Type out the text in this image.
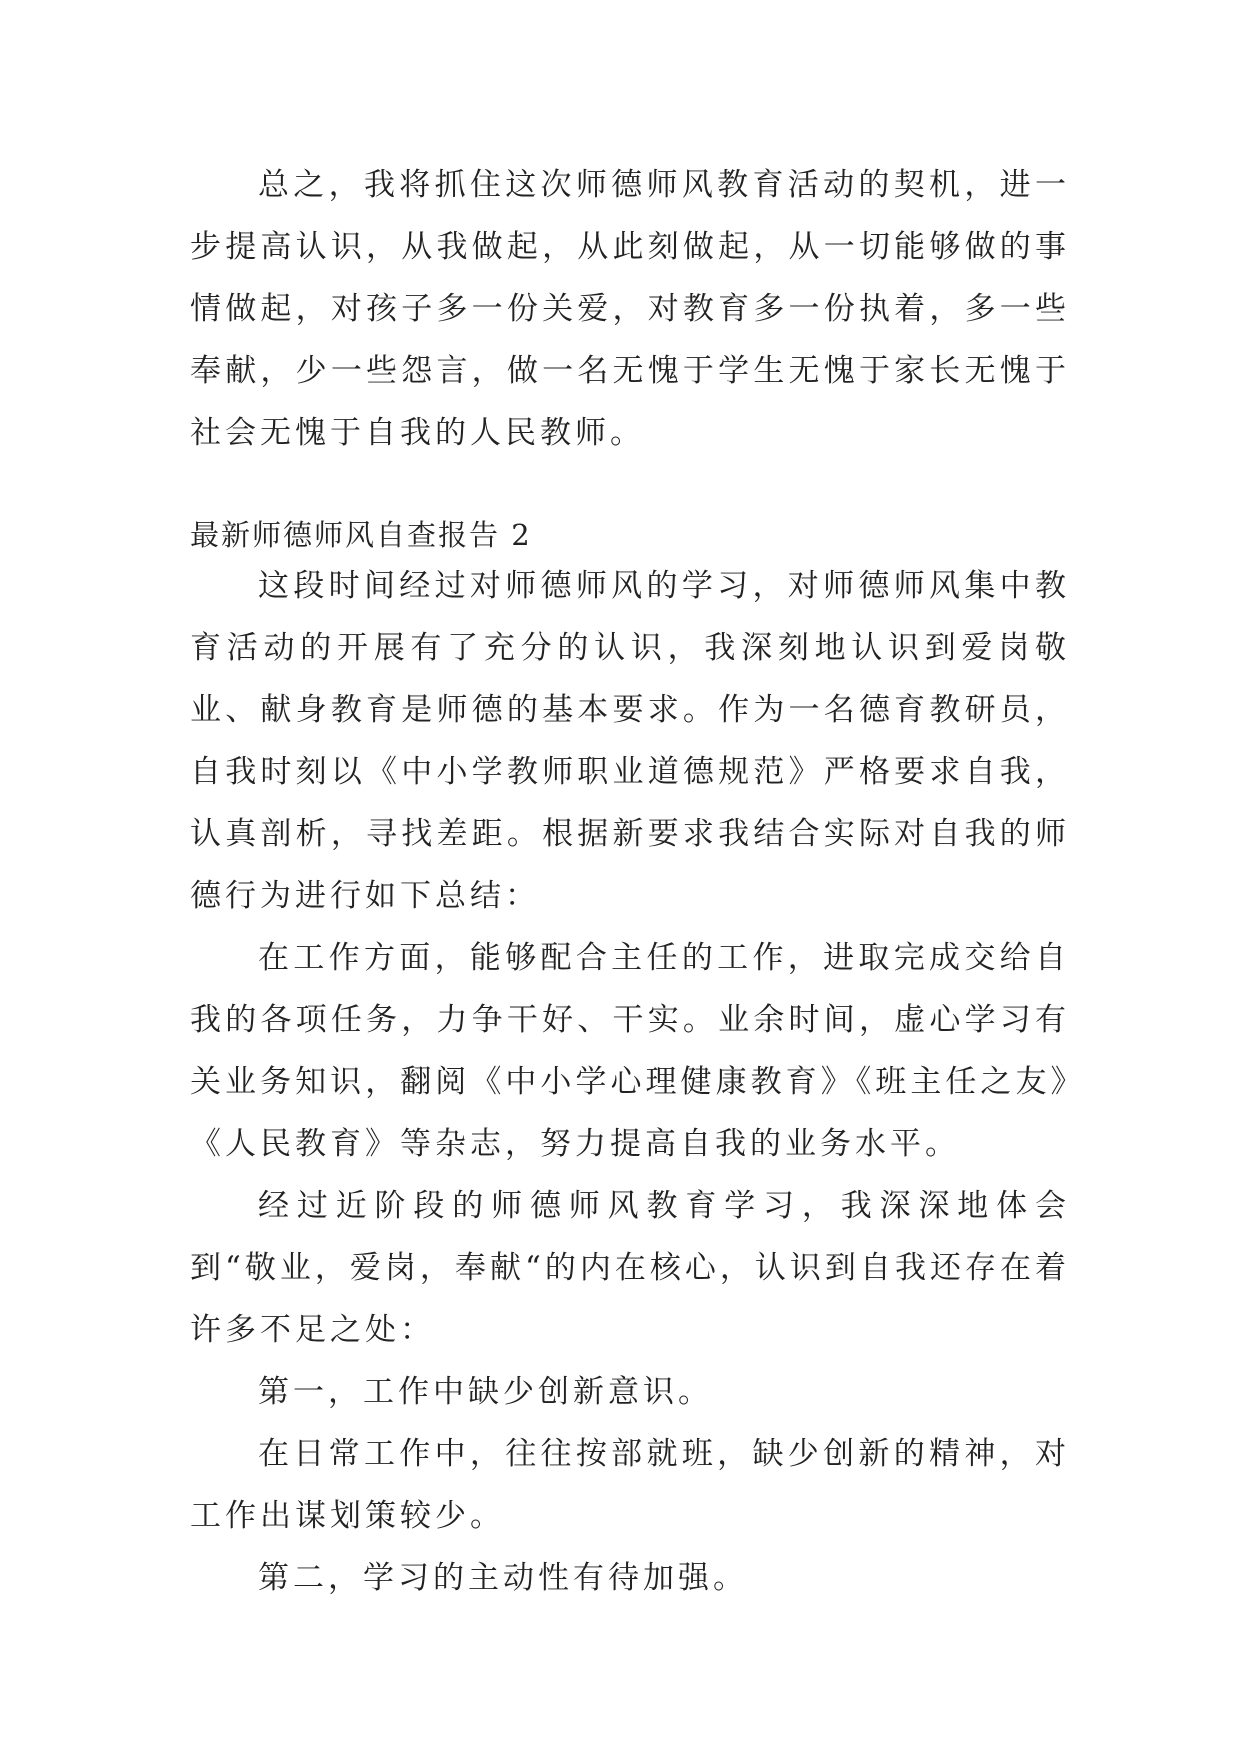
总之，我将抓住这次师德师风教育活动的契机，进一步提高认识，从我做起，从此刻做起，从一切能够做的事情做起，对孩子多一份关爱，对教育多一份执着，多一些奉献，少一些怨言，做一名无愧于学生无愧于家长无愧于社会无愧于自我的人民教师。

最新师德师风自查报告 2

这段时间经过对师德师风的学习，对师德师风集中教育活动的开展有了充分的认识，我深刻地认识到爱岗敬业、献身教育是师德的基本要求。作为一名德育教研员，自我时刻以《中小学教师职业道德规范》严格要求自我，认真剖析，寻找差距。根据新要求我结合实际对自我的师德行为进行如下总结：

在工作方面，能够配合主任的工作，进取完成交给自我的各项任务，力争干好、干实。业余时间，虚心学习有关业务知识，翻阅《中小学心理健康教育》《班主任之友》《人民教育》等杂志，努力提高自我的业务水平。

经过近阶段的师德师风教育学习，我深深地体会到“敬业，爱岗，奉献“的内在核心，认识到自我还存在着许多不足之处：

第一，工作中缺少创新意识。

在日常工作中，往往按部就班，缺少创新的精神，对工作出谋划策较少。

第二，学习的主动性有待加强。
